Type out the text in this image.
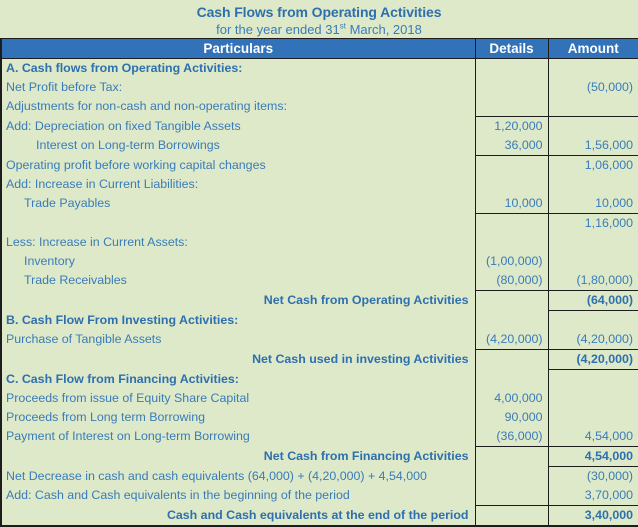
Cash Flows from Operating Activities
for the year ended 31st March, 2018
Particulars	Details	Amount
A. Cash flows from Operating Activities:		
Net Profit before Tax:		(50,000)
Adjustments for non-cash and non-operating items:		
Add: Depreciation on fixed Tangible Assets	1,20,000	
Interest on Long-term Borrowings	36,000	1,56,000
Operating profit before working capital changes		1,06,000
Add: Increase in Current Liabilities:		
Trade Payables	10,000	10,000
		1,16,000
Less: Increase in Current Assets:		
Inventory	(1,00,000)	
Trade Receivables	(80,000)	(1,80,000)
Net Cash from Operating Activities		(64,000)
B. Cash Flow From Investing Activities:		
Purchase of Tangible Assets	(4,20,000)	(4,20,000)
Net Cash used in investing Activities		(4,20,000)
C. Cash Flow from Financing Activities:		
Proceeds from issue of Equity Share Capital	4,00,000	
Proceeds from Long term Borrowing	90,000	
Payment of Interest on Long-term Borrowing	(36,000)	4,54,000
Net Cash from Financing Activities		4,54,000
Net Decrease in cash and cash equivalents (64,000) + (4,20,000) + 4,54,000		(30,000)
Add: Cash and Cash equivalents in the beginning of the period		3,70,000
Cash and Cash equivalents at the end of the period		3,40,000
